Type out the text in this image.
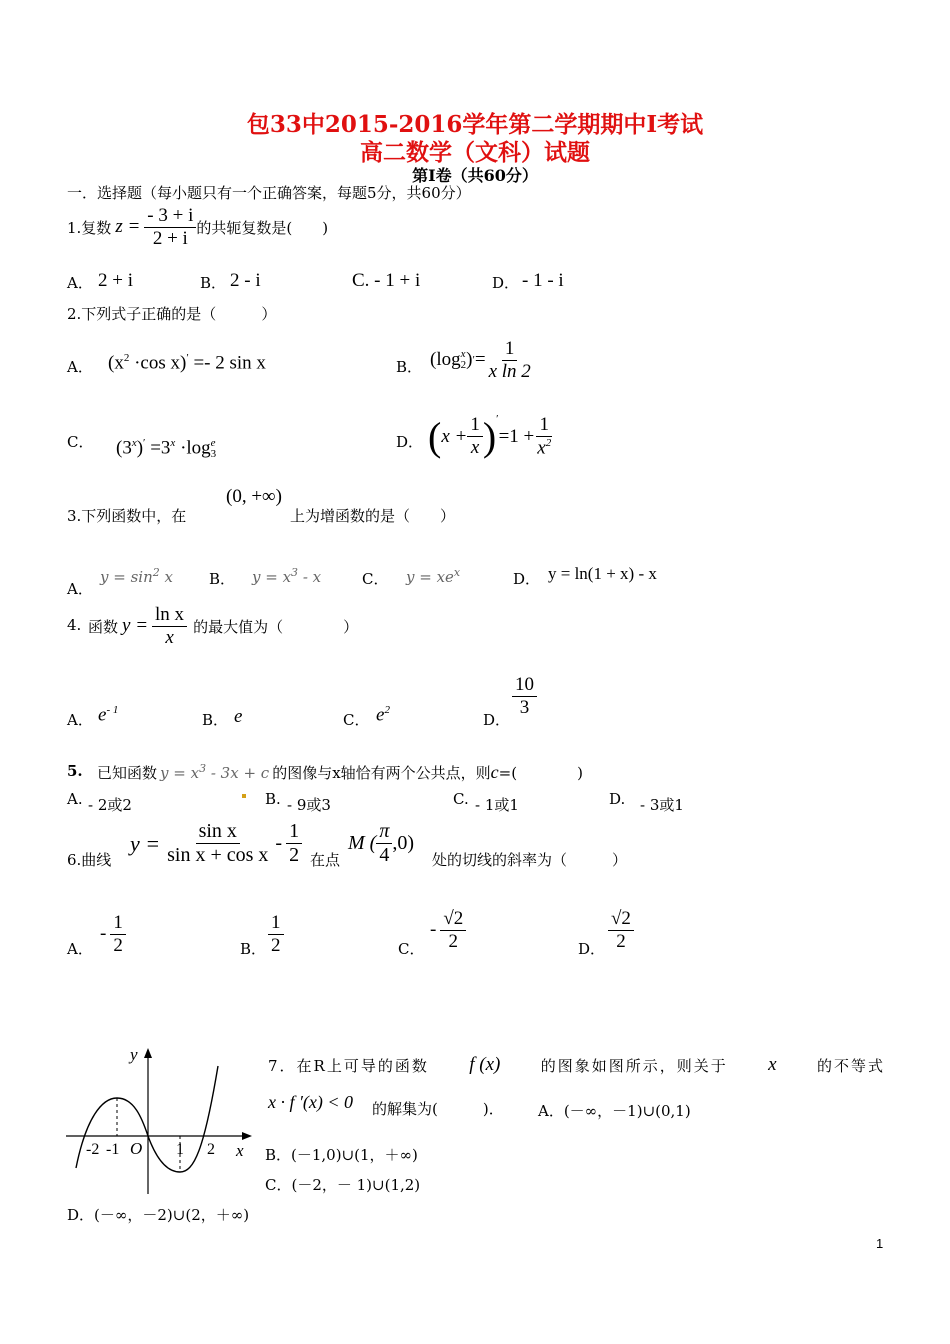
包33中2015-2016学年第二学期期中I考试
高二数学（文科）试题
第I卷（共60分）
一．选择题（每小题只有一个正确答案，每题5分，共60分）
1.复数 $z = \frac{- 3 + i}{2 + i}$ 的共轭复数是(　　)
A． 2 + i	B． 2 - i	C. - 1 + i	D． - 1 - i
2.下列式子正确的是（　　　）
A． ($x^2 \cdot\cos$ x)′ =- 2 sin x	B． (log x
2 ) ′ = $\frac{1}{\text{x ln 2}}$
C． $(3^x)' =3^x \cdot\log$ e
3
D． ( $x + \frac{1}{x}$ ) ′
$=1 + \frac{1}{x^2}$
3.下列函数中，在
(0, +∞)
上为增函数的是（　　）
A．
$y = \sin^2 x$ B． $y = x^3 - x$	C． $y = xe^x$	D． y = ln(1 + x) - x
4. 函数 $y = \frac{\text{ln x}}{x}$ 的最大值为（　　　　）
A． $e^{- 1}$
B． e	C． $e^2$
D．
$\frac{10}{3}$
5. 已知函数 $y = x^3 - 3x + c$ 的图像与x轴恰有两个公共点，则c=(　　　　)
A. - 2或2	B. - 9或3	C. - 1或1	D. - 3或1
6.曲线
$y = \frac{\text{sin x}}{\text{sin x + cos x}} - \frac{1}{2}$ 在点
M ( $\frac{\pi}{4} ,0$)
处的切线的斜率为（　　　）
A．
- $\frac{1}{2}$	B． $\frac{1}{2}$	C．
- $\frac{√2}{2}$	D． $\frac{√2}{2}$
y
x
O
-2 -1	1 2
7．在R上可导的函数 f (x)	的图象如图所示，则关于 x	的不等式
x · f ′(x) < 0 的解集为(　　　)． A．(－∞，－1)∪(0,1)
B．(－1,0)∪(1，＋∞)
C．(－2，－ 1)∪(1,2)
D．(－∞，－2)∪(2，＋∞)
1
